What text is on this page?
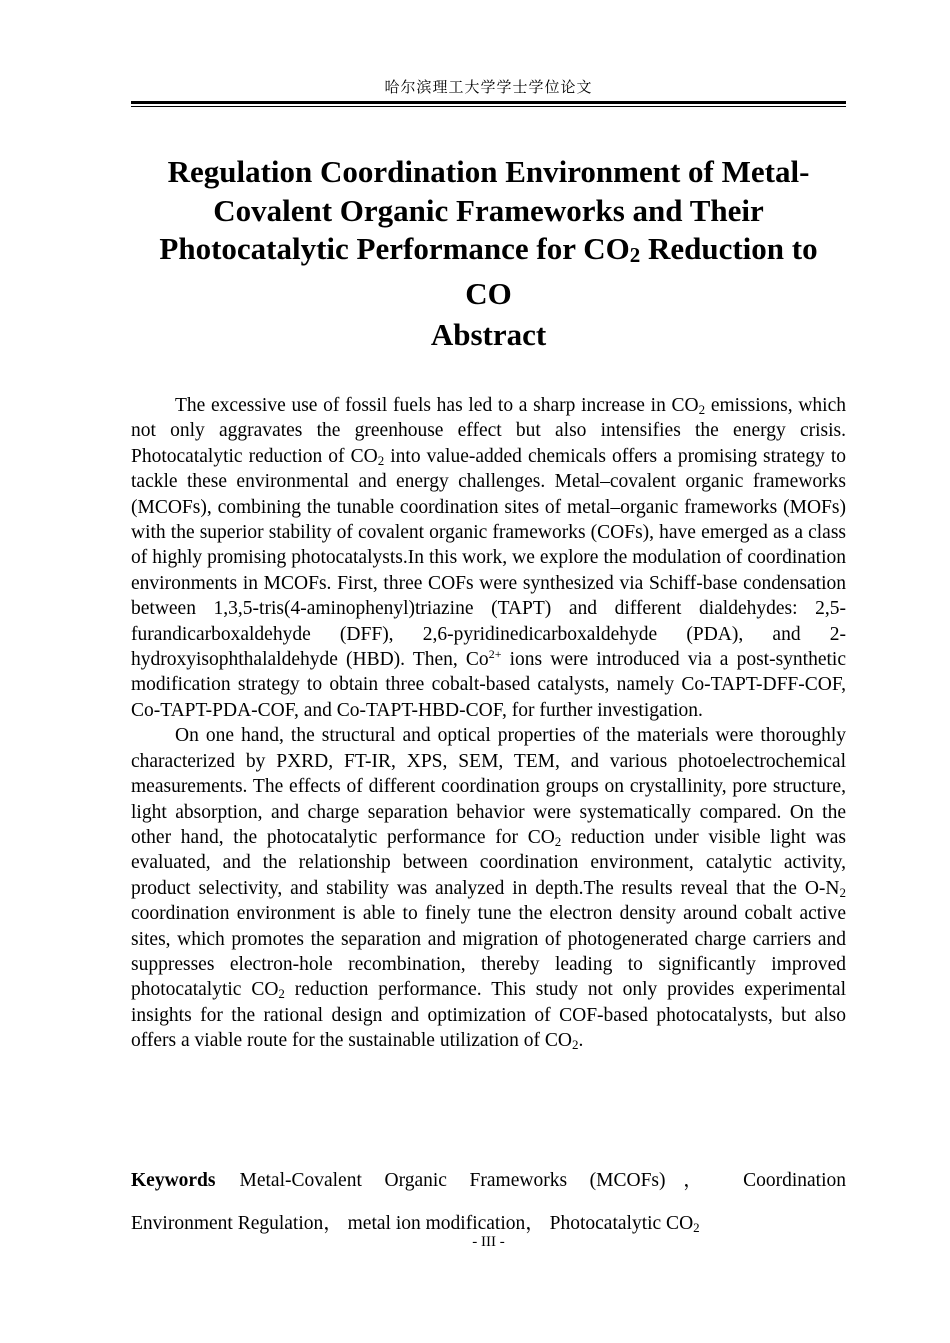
哈尔滨理工大学学士学位论文
Regulation Coordination Environment of Metal-
Covalent Organic Frameworks and Their
Photocatalytic Performance for CO2 Reduction to
CO
Abstract

The excessive use of fossil fuels has led to a sharp increase in $CO_2$ emissions, which not only aggravates the greenhouse effect but also intensifies the energy crisis. Photocatalytic reduction of $CO_2$ into value-added chemicals offers a promising strategy to tackle these environmental and energy challenges. Metal–covalent organic frameworks (MCOFs), combining the tunable coordination sites of metal–organic frameworks (MOFs) with the superior stability of covalent organic frameworks (COFs), have emerged as a class of highly promising photocatalysts.In this work, we explore the modulation of coordination environments in MCOFs. First, three COFs were synthesized via Schiff-base condensation between 1,3,5-tris(4-aminophenyl)triazine (TAPT) and different dialdehydes: 2,5-furandicarboxaldehyde (DFF), 2,6-pyridinedicarboxaldehyde (PDA), and 2-hydroxyisophthalaldehyde (HBD). Then, $Co^{2+}$ ions were introduced via a post-synthetic modification strategy to obtain three cobalt-based catalysts, namely Co-TAPT-DFF-COF, Co-TAPT-PDA-COF, and Co-TAPT-HBD-COF, for further investigation.

On one hand, the structural and optical properties of the materials were thoroughly characterized by PXRD, FT-IR, XPS, SEM, TEM, and various photoelectrochemical measurements. The effects of different coordination groups on crystallinity, pore structure, light absorption, and charge separation behavior were systematically compared. On the other hand, the photocatalytic performance for $CO_2$ reduction under visible light was evaluated, and the relationship between coordination environment, catalytic activity, product selectivity, and stability was analyzed in depth.The results reveal that the $O-N_2$ coordination environment is able to finely tune the electron density around cobalt active sites, which promotes the separation and migration of photogenerated charge carriers and suppresses electron-hole recombination, thereby leading to significantly improved photocatalytic $CO_2$ reduction performance. This study not only provides experimental insights for the rational design and optimization of COF-based photocatalysts, but also offers a viable route for the sustainable utilization of $CO_2$.

Keywords Metal-Covalent Organic Frameworks (MCOFs)， Coordination Environment Regulation， metal ion modification， Photocatalytic $CO_2$
- III -
